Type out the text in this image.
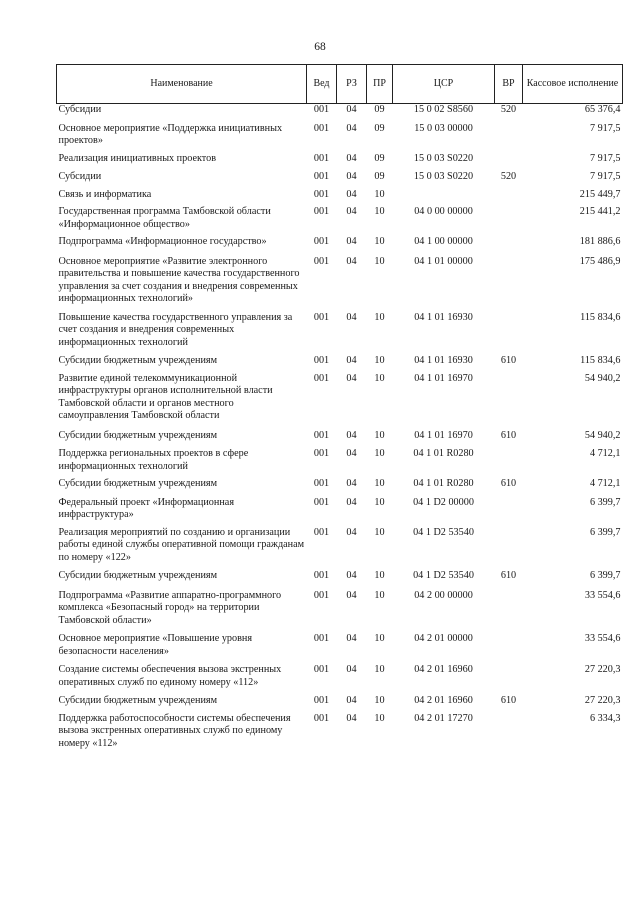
68
Наименование	Вед	РЗ	ПР	ЦСР	ВР	Кассовое исполнение
Субсидии	001	04	09	15 0 02 S8560	520	65 376,4
Основное мероприятие «Поддержка инициативных проектов»	001	04	09	15 0 03 00000		7 917,5
Реализация инициативных проектов	001	04	09	15 0 03 S0220		7 917,5
Субсидии	001	04	09	15 0 03 S0220	520	7 917,5
Связь и информатика	001	04	10			215 449,7
Государственная программа Тамбовской области «Информационное общество»	001	04	10	04 0 00 00000		215 441,2
Подпрограмма «Информационное государство»	001	04	10	04 1 00 00000		181 886,6
Основное мероприятие «Развитие электронного правительства и повышение качества государственного управления за счет создания и внедрения современных информационных технологий»	001	04	10	04 1 01 00000		175 486,9
Повышение качества государственного управления за счет создания и внедрения современных информационных технологий	001	04	10	04 1 01 16930		115 834,6
Субсидии бюджетным учреждениям	001	04	10	04 1 01 16930	610	115 834,6
Развитие единой телекоммуникационной инфраструктуры органов исполнительной власти Тамбовской области и органов местного самоуправления Тамбовской области	001	04	10	04 1 01 16970		54 940,2
Субсидии бюджетным учреждениям	001	04	10	04 1 01 16970	610	54 940,2
Поддержка региональных проектов в сфере информационных технологий	001	04	10	04 1 01 R0280		4 712,1
Субсидии бюджетным учреждениям	001	04	10	04 1 01 R0280	610	4 712,1
Федеральный проект «Информационная инфраструктура»	001	04	10	04 1 D2 00000		6 399,7
Реализация мероприятий по созданию и организации работы единой службы оперативной помощи гражданам по номеру «122»	001	04	10	04 1 D2 53540		6 399,7
Субсидии бюджетным учреждениям	001	04	10	04 1 D2 53540	610	6 399,7
Подпрограмма «Развитие аппаратно-программного комплекса «Безопасный город» на территории Тамбовской области»	001	04	10	04 2 00 00000		33 554,6
Основное мероприятие «Повышение уровня безопасности населения»	001	04	10	04 2 01 00000		33 554,6
Создание системы обеспечения вызова экстренных оперативных служб по единому номеру «112»	001	04	10	04 2 01 16960		27 220,3
Субсидии бюджетным учреждениям	001	04	10	04 2 01 16960	610	27 220,3
Поддержка работоспособности системы обеспечения вызова экстренных оперативных служб по единому номеру «112»	001	04	10	04 2 01 17270		6 334,3
